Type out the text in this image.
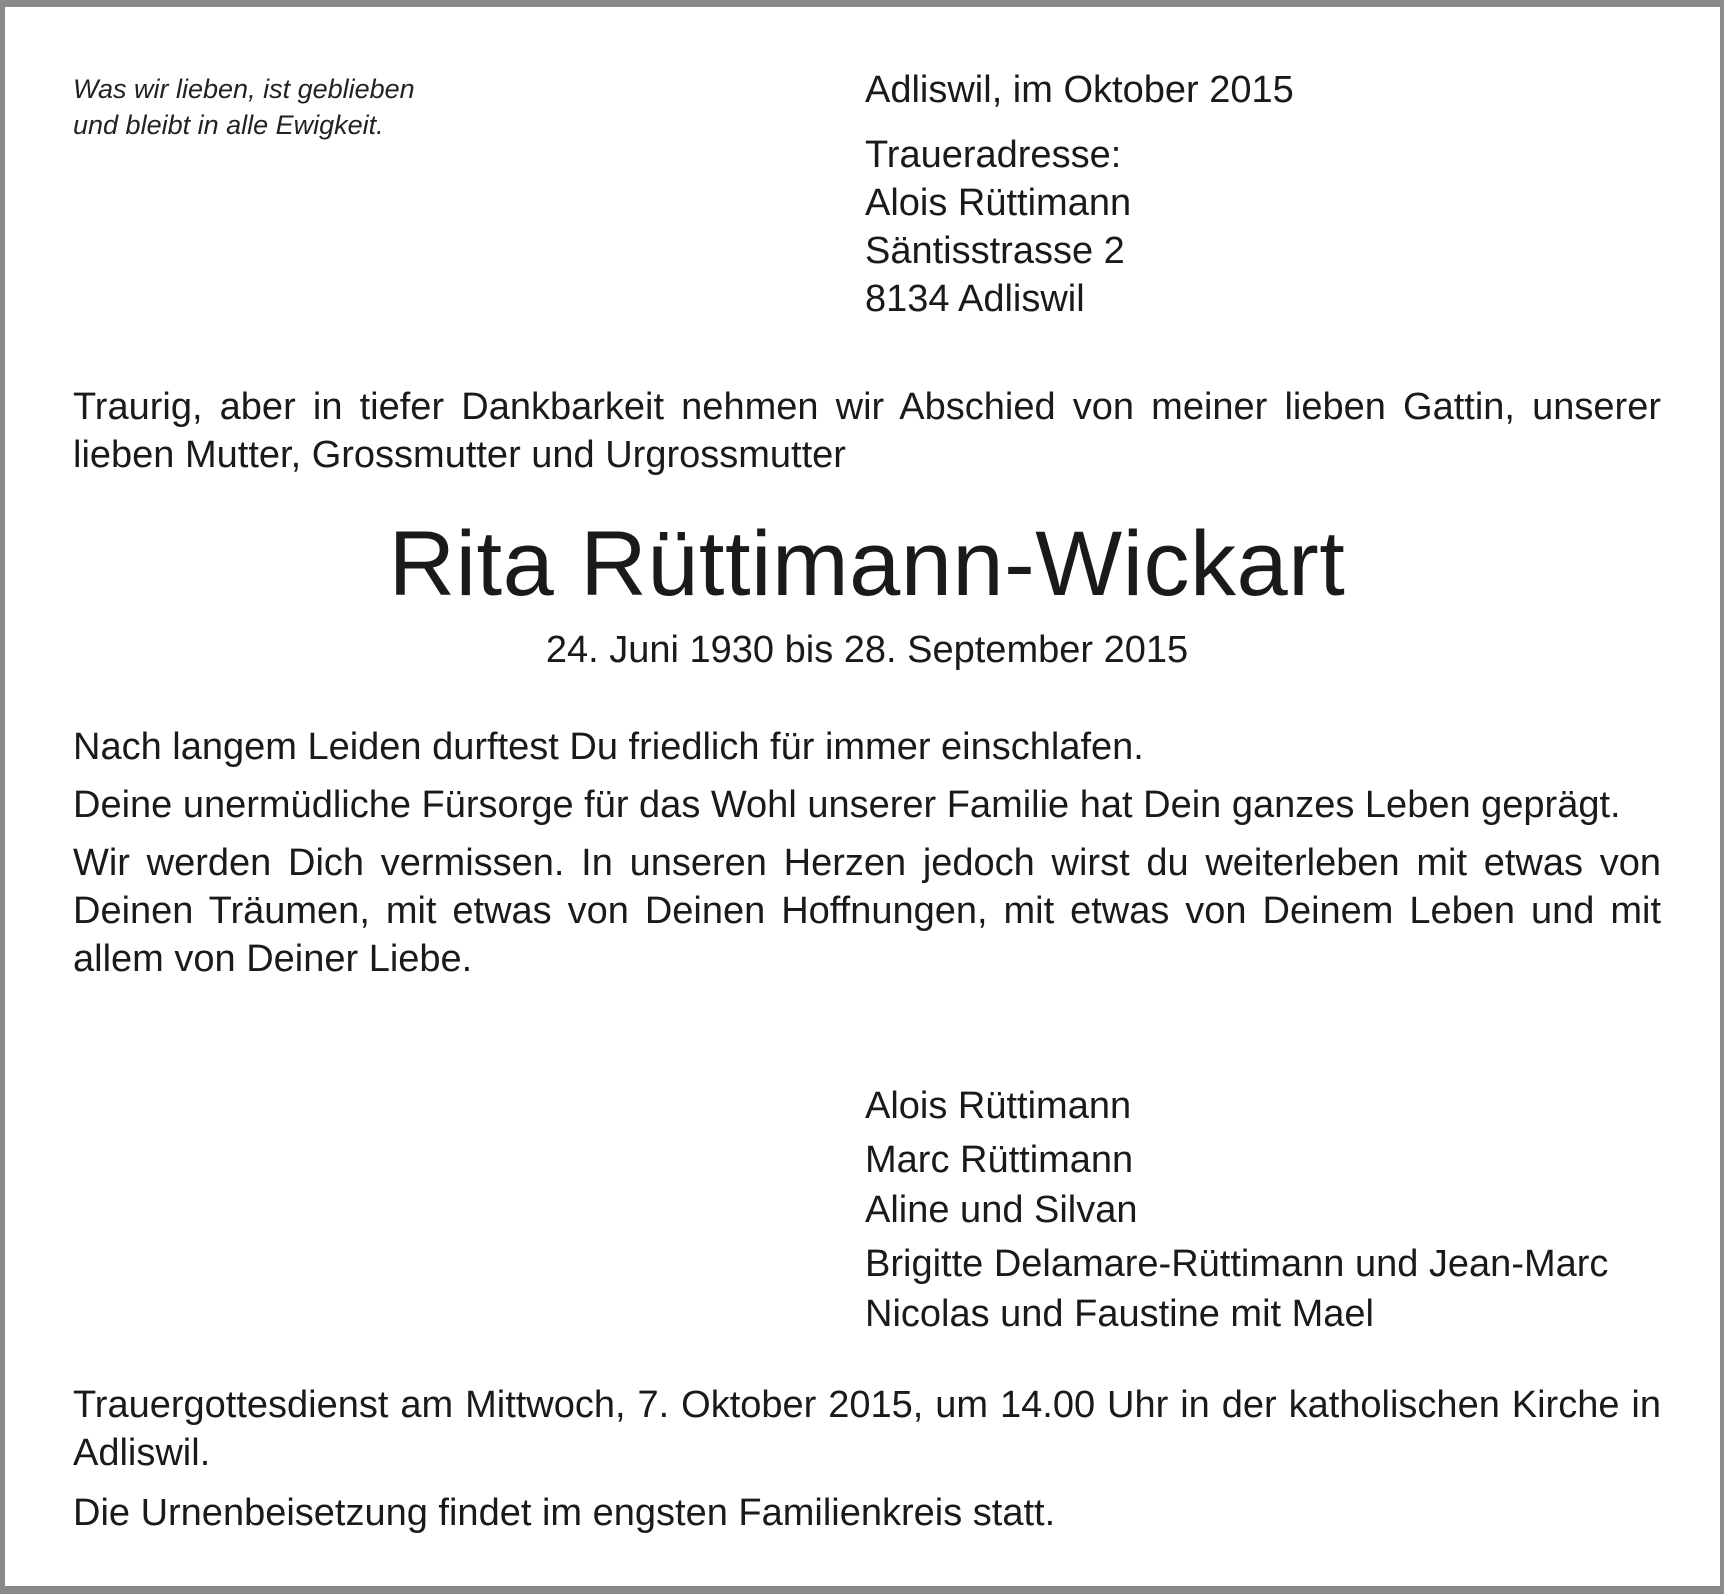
Was wir lieben, ist geblieben
und bleibt in alle Ewigkeit.
Adliswil, im Oktober 2015
Traueradresse:
Alois Rüttimann
Säntisstrasse 2
8134 Adliswil
Traurig, aber in tiefer Dankbarkeit nehmen wir Abschied von meiner lieben Gattin, unserer lieben Mutter, Grossmutter und Urgrossmutter
Rita Rüttimann-Wickart
24. Juni 1930 bis 28. September 2015

Nach langem Leiden durftest Du friedlich für immer einschlafen.

Deine unermüdliche Fürsorge für das Wohl unserer Familie hat Dein ganzes Leben geprägt.

Wir werden Dich vermissen. In unseren Herzen jedoch wirst du weiterleben mit etwas von Deinen Träumen, mit etwas von Deinen Hoffnungen, mit etwas von Deinem Leben und mit allem von Deiner Liebe.

Alois Rüttimann
Marc Rüttimann
Aline und Silvan
Brigitte Delamare-Rüttimann und Jean-Marc
Nicolas und Faustine mit Mael

Trauergottesdienst am Mittwoch, 7. Oktober 2015, um 14.00 Uhr in der katholischen Kirche in Adliswil.

Die Urnenbeisetzung findet im engsten Familienkreis statt.
